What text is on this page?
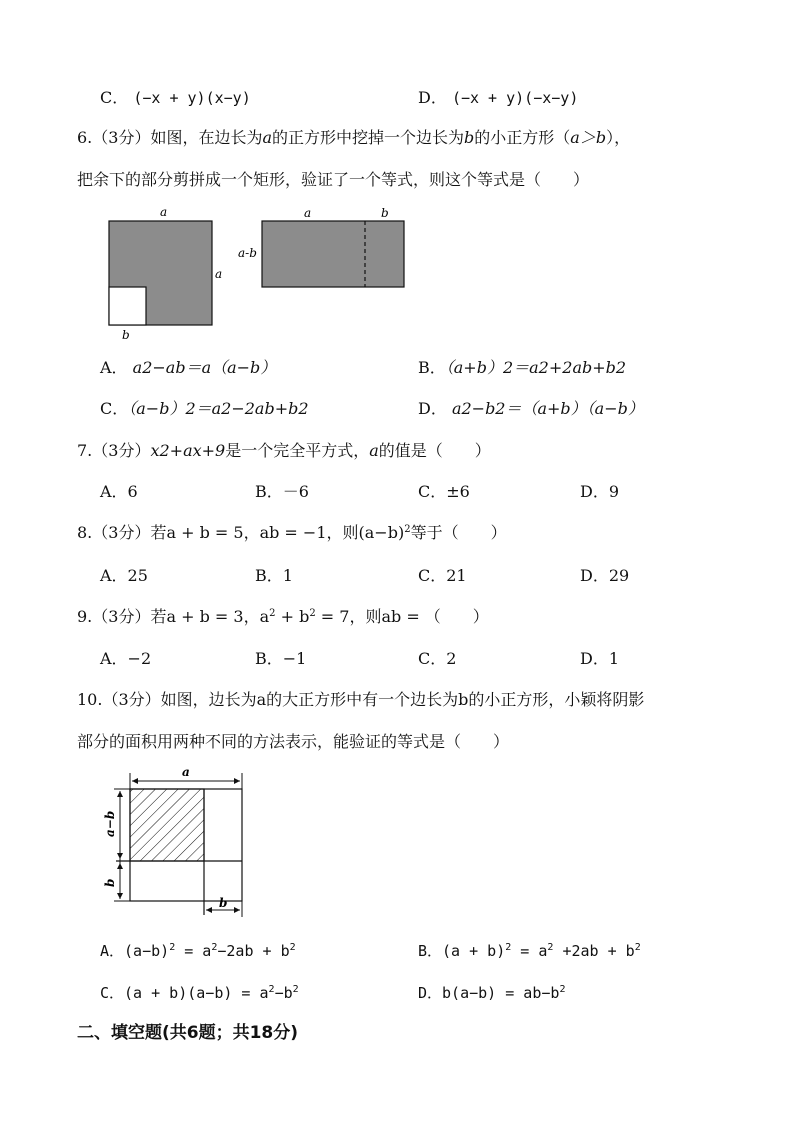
C． (−x + y)(x−y)	D． (−x + y)(−x−y)
6.（3分）如图，在边长为a的正方形中挖掉一个边长为b的小正方形（a＞b），
把余下的部分剪拼成一个矩形，验证了一个等式，则这个等式是（　　）
a
a
b
a	b
a-b
A． a2−ab＝a（a−b）	B．（a+b）2＝a2+2ab+b2
C．（a−b）2＝a2−2ab+b2	D． a2−b2＝（a+b）（a−b）
7.（3分）x2+ax+9是一个完全平方式，a的值是（　　）
A．6	B．－6	C．±6	D．9
8.（3分）若a + b = 5，ab = −1，则$(a-b)^2$等于（　　）
A．25	B．1	C．21	D．29
9.（3分）若a + b = 3，$a^2 + b^2 = 7$，则ab = （　　）
A．−2	B．−1	C．2	D．1
10.（3分）如图，边长为a的大正方形中有一个边长为b的小正方形，小颖将阴影
部分的面积用两种不同的方法表示，能验证的等式是（　　）
a
a−b
b
b
A．$(a-b)^2 = a^2-2ab + b^2$	B．$(a + b)^2 = a^2 +2ab + b^2$
C．$(a + b)(a-b) = a^2-b^2$	D．$b(a-b) = ab-b^2$
二、填空题(共6题；共18分)
